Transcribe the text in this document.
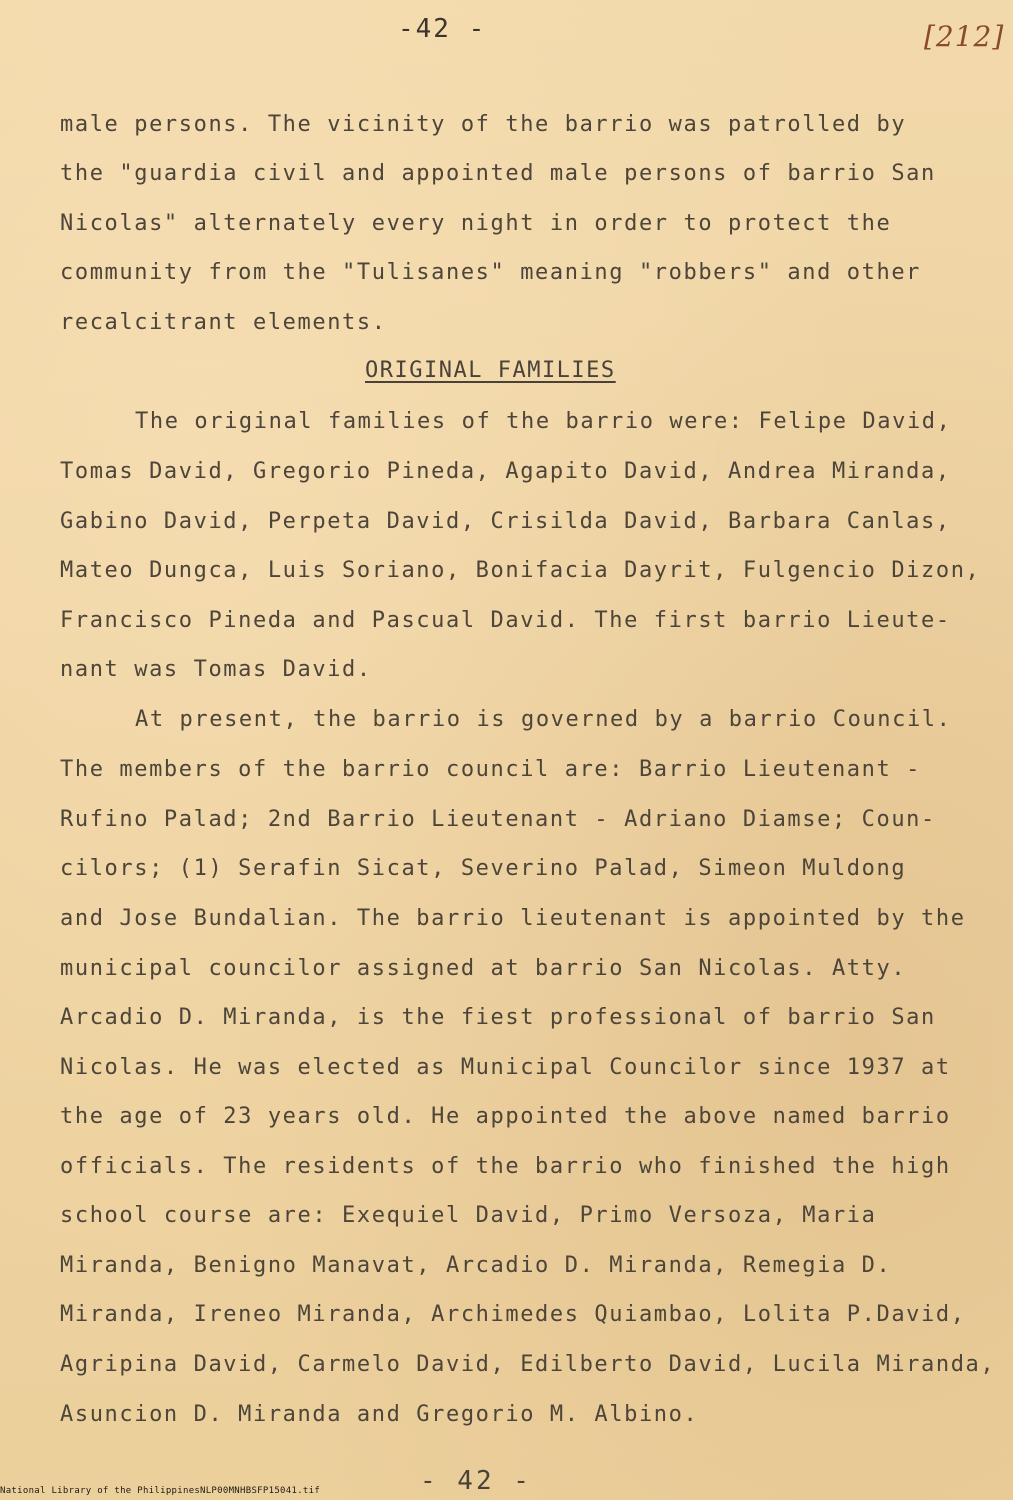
-42 -	[212]
male persons. The vicinity of the barrio was patrolled by
the "guardia civil and appointed male persons of barrio San
Nicolas" alternately every night in order to protect the
community from the "Tulisanes" meaning "robbers" and other
recalcitrant elements.
ORIGINAL FAMILIES
The original families of the barrio were: Felipe David,
Tomas David, Gregorio Pineda, Agapito David, Andrea Miranda,
Gabino David, Perpeta David, Crisilda David, Barbara Canlas,
Mateo Dungca, Luis Soriano, Bonifacia Dayrit, Fulgencio Dizon,
Francisco Pineda and Pascual David. The first barrio Lieute-
nant was Tomas David.
At present, the barrio is governed by a barrio Council.
The members of the barrio council are: Barrio Lieutenant -
Rufino Palad; 2nd Barrio Lieutenant - Adriano Diamse; Coun-
cilors; (1) Serafin Sicat, Severino Palad, Simeon Muldong
and Jose Bundalian. The barrio lieutenant is appointed by the
municipal councilor assigned at barrio San Nicolas. Atty.
Arcadio D. Miranda, is the fiest professional of barrio San
Nicolas. He was elected as Municipal Councilor since 1937 at
the age of 23 years old. He appointed the above named barrio
officials. The residents of the barrio who finished the high
school course are: Exequiel David, Primo Versoza, Maria
Miranda, Benigno Manavat, Arcadio D. Miranda, Remegia D.
Miranda, Ireneo Miranda, Archimedes Quiambao, Lolita P.David,
Agripina David, Carmelo David, Edilberto David, Lucila Miranda,
Asuncion D. Miranda and Gregorio M. Albino.
- 42 -
National Library of the Philippines NLP00MNHBSFP15041.tif
